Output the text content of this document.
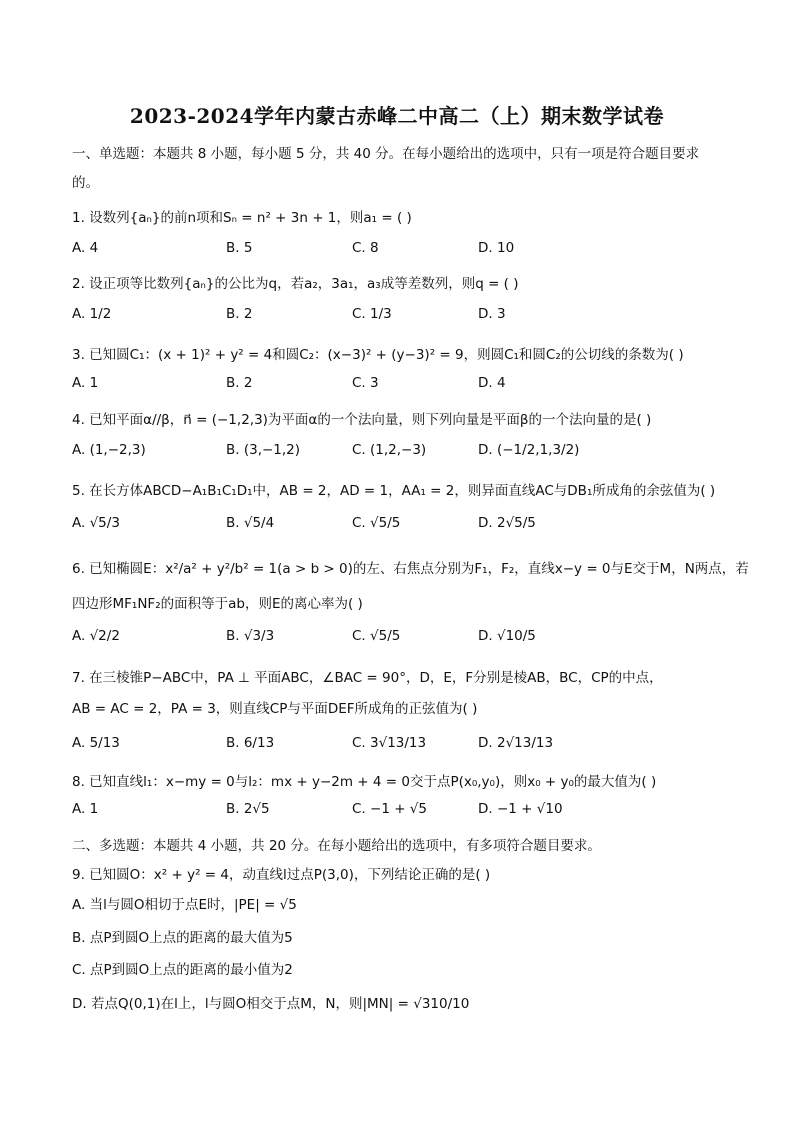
2023-2024学年内蒙古赤峰二中高二（上）期末数学试卷
一、单选题：本题共 8 小题，每小题 5 分，共 40 分。在每小题给出的选项中，只有一项是符合题目要求
的。
1. 设数列{aₙ}的前n项和Sₙ = n² + 3n + 1，则a₁ = ( )
A. 4	B. 5	C. 8	D. 10
2. 设正项等比数列{aₙ}的公比为q，若a₂，3a₁，a₃成等差数列，则q = ( )
A. 1/2	B. 2	C. 1/3	D. 3
3. 已知圆C₁：(x + 1)² + y² = 4和圆C₂：(x−3)² + (y−3)² = 9，则圆C₁和圆C₂的公切线的条数为( )
A. 1	B. 2	C. 3	D. 4
4. 已知平面α//β，n⃗ = (−1,2,3)为平面α的一个法向量，则下列向量是平面β的一个法向量的是( )
A. (1,−2,3)	B. (3,−1,2)	C. (1,2,−3)	D. (−1/2,1,3/2)
5. 在长方体ABCD−A₁B₁C₁D₁中，AB = 2，AD = 1，AA₁ = 2，则异面直线AC与DB₁所成角的余弦值为( )
A. √5/3	B. √5/4	C. √5/5	D. 2√5/5
6. 已知椭圆E：x²/a² + y²/b² = 1(a > b > 0)的左、右焦点分别为F₁，F₂，直线x−y = 0与E交于M，N两点，若
四边形MF₁NF₂的面积等于ab，则E的离心率为( )
A. √2/2	B. √3/3	C. √5/5	D. √10/5
7. 在三棱锥P−ABC中，PA ⊥ 平面ABC，∠BAC = 90°，D，E，F分别是棱AB，BC，CP的中点，
AB = AC = 2，PA = 3，则直线CP与平面DEF所成角的正弦值为( )
A. 5/13	B. 6/13	C. 3√13/13	D. 2√13/13
8. 已知直线l₁：x−my = 0与l₂：mx + y−2m + 4 = 0交于点P(x₀,y₀)，则x₀ + y₀的最大值为( )
A. 1	B. 2√5	C. −1 + √5	D. −1 + √10
二、多选题：本题共 4 小题，共 20 分。在每小题给出的选项中，有多项符合题目要求。
9. 已知圆O：x² + y² = 4，动直线l过点P(3,0)，下列结论正确的是( )
A. 当l与圆O相切于点E时，|PE| = √5
B. 点P到圆O上点的距离的最大值为5
C. 点P到圆O上点的距离的最小值为2
D. 若点Q(0,1)在l上，l与圆O相交于点M，N，则|MN| = √310/10
